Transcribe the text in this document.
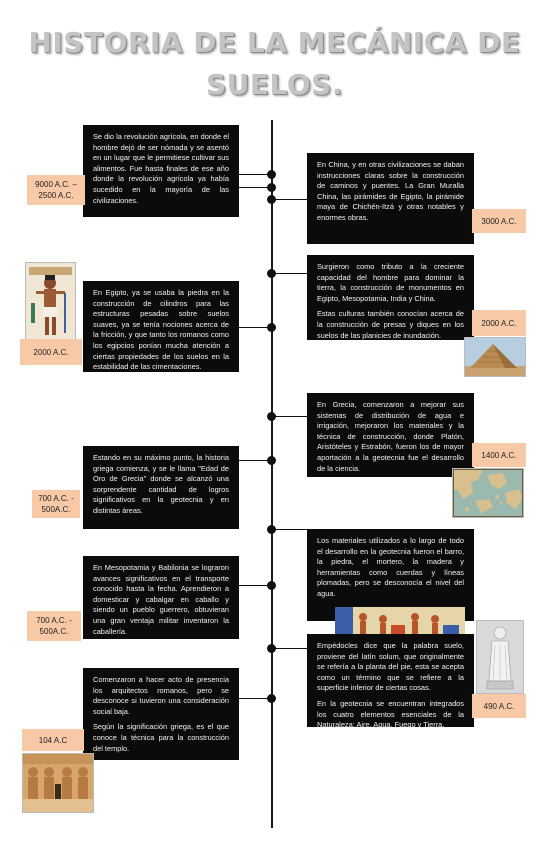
HISTORIA DE LA MECÁNICA DE SUELOS.

Se dio la revolución agrícola, en donde el hombre dejó de ser nómada y se asentó en un lugar que le permitiese cultivar sus alimentos. Fue hasta finales de ese año donde la revolución agrícola ya había sucedido en la mayoría de las civilizaciones.

9000 A.C. – 2500 A.C.

En China, y en otras civilizaciones se daban instrucciones claras sobre la construcción de caminos y puentes. La Gran Muralla China, las pirámides de Egipto, la pirámide maya de Chichén-Itzá y otras notables y enormes obras.	3000 A.C.

En Egipto, ya se usaba la piedra en la construcción de cilindros para las estructuras pesadas sobre suelos suaves, ya se tenía nociones acerca de la fricción, y que tanto los romanos como los egipcios ponían mucha atención a ciertas propiedades de los suelos en la estabilidad de las cimentaciones.

2000 A.C.

Surgieron como tributo a la creciente capacidad del hombre para dominar la tierra, la construcción de monumentos en Egipto, Mesopotamia, India y China.

Estas culturas también conocían acerca de la construcción de presas y diques en los suelos de las planicies de inundación.

2000 A.C.

En Grecia, comenzaron a mejorar sus sistemas de distribución de agua e irrigación, mejoraron los materiales y la técnica de construcción, donde Platón, Aristóteles y Estrabón, fueron los de mayor aportación a la geotecnia fue el desarrollo de la ciencia.

1400 A.C.

Estando en su máximo punto, la historia griega comienza, y se le llama "Edad de Oro de Grecia" donde se alcanzó una sorprendente cantidad de logros significativos en la geotecnia y en distintas áreas.

700 A.C. - 500A.C.

Los materiales utilizados a lo largo de todo el desarrollo en la geotecnia fueron el barro, la piedra, el mortero, la madera y herramientas como cuerdas y líneas plomadas, pero se desconocía el nivel del agua.

En Mesopotamia y Babilonia se lograron avances significativos en el transporte conocido hasta la fecha. Aprendieron a domesticar y cabalgar en caballo y siendo un pueblo guerrero, obtuvieran una gran ventaja militar inventaron la caballería.

700 A.C. - 500A.C.

Empédocles dice que la palabra suelo, proviene del latín solum, que originalmente se refería a la planta del pie, esta se acepta como un término que se refiere a la superficie inferior de ciertas cosas.

En la geotecnia se encuentran integrados los cuatro elementos esenciales de la Naturaleza: Aire, Agua, Fuego y Tierra.

490 A.C.

Comenzaron a hacer acto de presencia los arquitectos romanos, pero se desconoce si tuvieron una consideración social baja.

Según la significación griega, es el que conoce la técnica para la construcción del templo.

104 A.C
